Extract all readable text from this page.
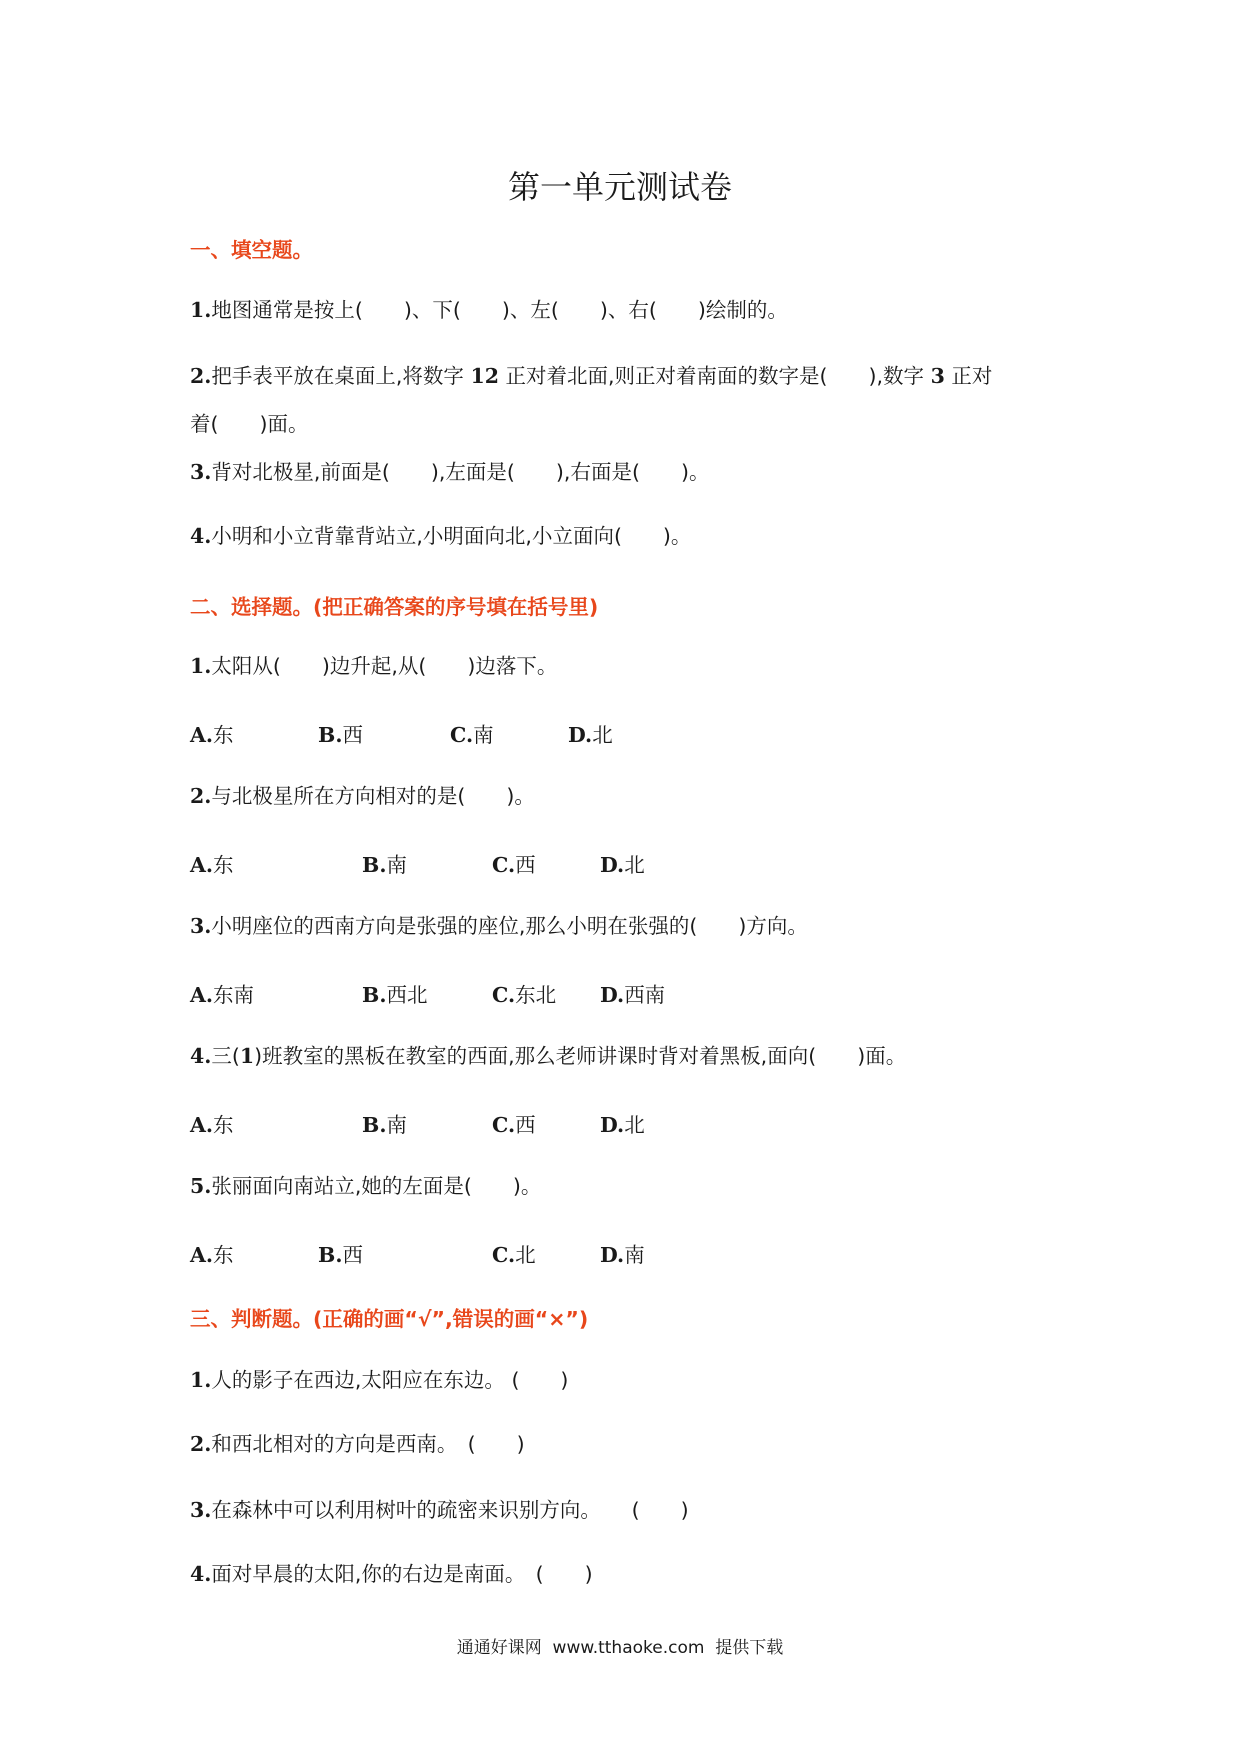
第一单元测试卷
一、填空题。
1.地图通常是按上(　　)、下(　　)、左(　　)、右(　　)绘制的。
2.把手表平放在桌面上,将数字 12 正对着北面,则正对着南面的数字是(　　),数字 3 正对
着(　　)面。
3.背对北极星,前面是(　　),左面是(　　),右面是(　　)。
4.小明和小立背靠背站立,小明面向北,小立面向(　　)。
二、选择题。(把正确答案的序号填在括号里)
1.太阳从(　　)边升起,从(　　)边落下。
A.东	B.西	C.南	D.北
2.与北极星所在方向相对的是(　　)。
A.东	B.南	C.西	D.北
3.小明座位的西南方向是张强的座位,那么小明在张强的(　　)方向。
A.东南	B.西北	C.东北 D.西南
4.三(1)班教室的黑板在教室的西面,那么老师讲课时背对着黑板,面向(　　)面。
A.东	B.南	C.西	D.北
5.张丽面向南站立,她的左面是(　　)。
A.东	B.西	C.北	D.南
三、判断题。(正确的画“√”,错误的画“×”)
1.人的影子在西边,太阳应在东边。 (　　)
2.和西北相对的方向是西南。　(　　)
3.在森林中可以利用树叶的疏密来识别方向。　　(　　)
4.面对早晨的太阳,你的右边是南面。　(　　)
通通好课网  www.tthaoke.com  提供下载
